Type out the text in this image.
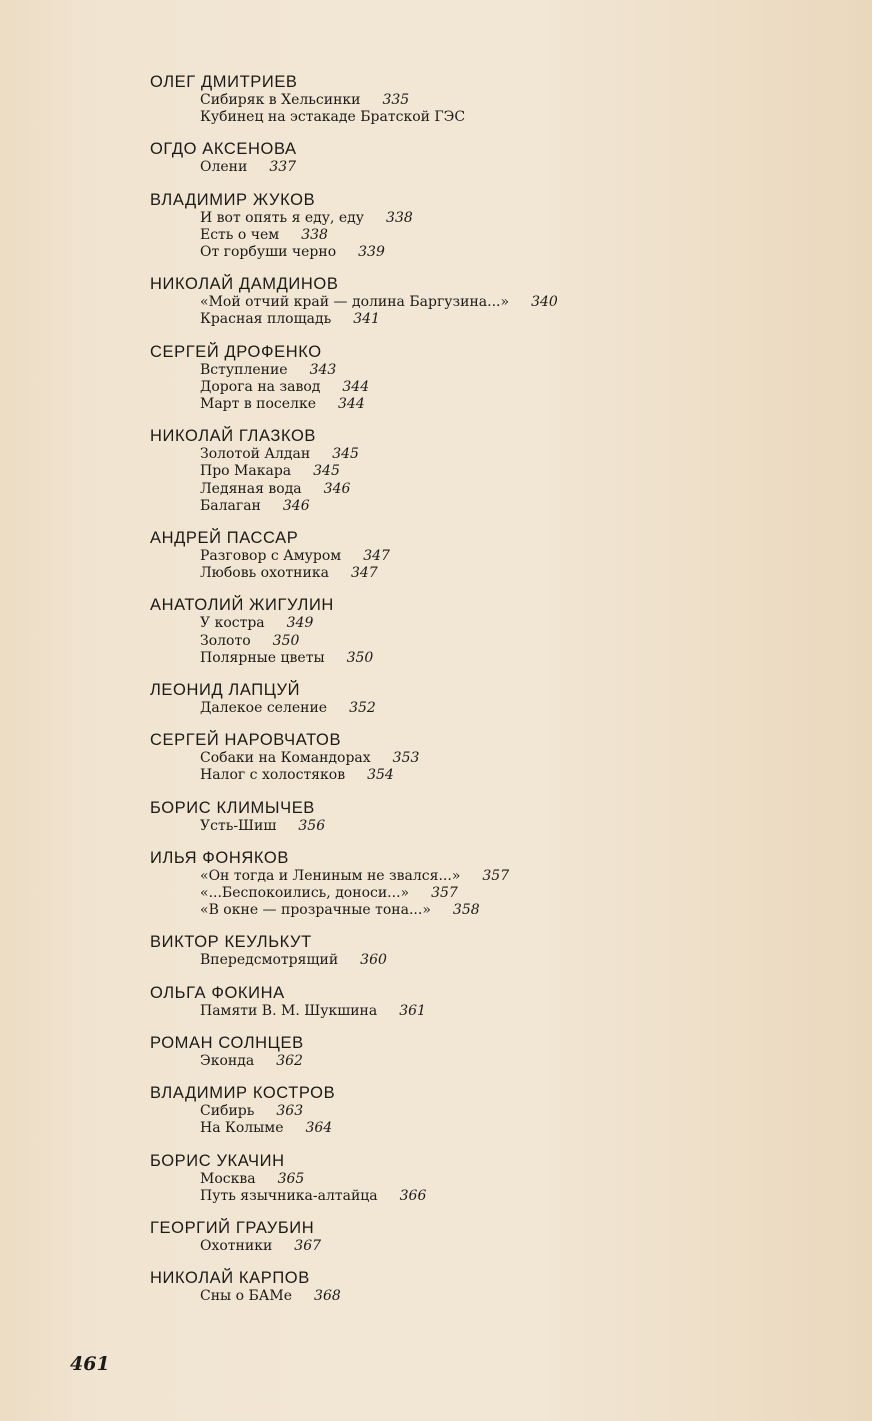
ОЛЕГ ДМИТРИЕВ
Сибиряк в Хельсинки 335
Кубинец на эстакаде Братской ГЭС
ОГДО АКСЕНОВА
Олени 337
ВЛАДИМИР ЖУКОВ
И вот опять я еду, еду 338
Есть о чем 338
От горбуши черно 339
НИКОЛАЙ ДАМДИНОВ
«Мой отчий край — долина Баргузина...» 340
Красная площадь 341
СЕРГЕЙ ДРОФЕНКО
Вступление 343
Дорога на завод 344
Март в поселке 344
НИКОЛАЙ ГЛАЗКОВ
Золотой Алдан 345
Про Макара 345
Ледяная вода 346
Балаган 346
АНДРЕЙ ПАССАР
Разговор с Амуром 347
Любовь охотника 347
АНАТОЛИЙ ЖИГУЛИН
У костра 349
Золото 350
Полярные цветы 350
ЛЕОНИД ЛАПЦУЙ
Далекое селение 352
СЕРГЕЙ НАРОВЧАТОВ
Собаки на Командорах 353
Налог с холостяков 354
БОРИС КЛИМЫЧЕВ
Усть-Шиш 356
ИЛЬЯ ФОНЯКОВ
«Он тогда и Лениным не звался...» 357
«...Беспокоились, доноси...» 357
«В окне — прозрачные тона...» 358
ВИКТОР КЕУЛЬКУТ
Впередсмотрящий 360
ОЛЬГА ФОКИНА
Памяти В. М. Шукшина 361
РОМАН СОЛНЦЕВ
Эконда 362
ВЛАДИМИР КОСТРОВ
Сибирь 363
На Колыме 364
БОРИС УКАЧИН
Москва 365
Путь язычника-алтайца 366
ГЕОРГИЙ ГРАУБИН
Охотники 367
НИКОЛАЙ КАРПОВ
Сны о БАМе 368
461
